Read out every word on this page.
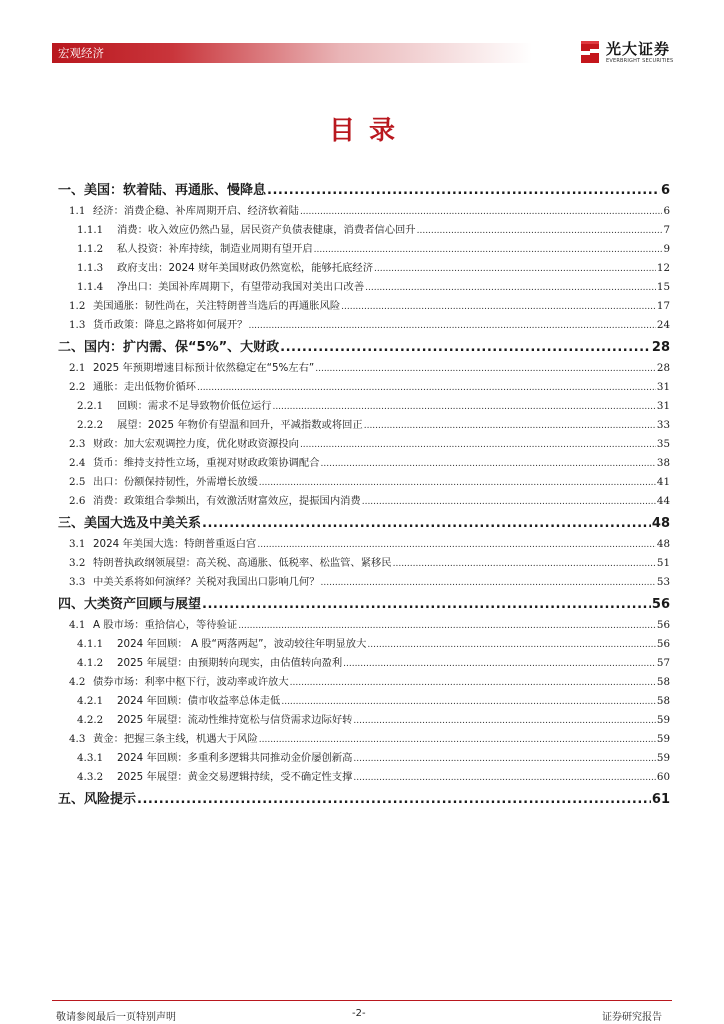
宏观经济	光大证券
EVERBRIGHT SECURITIES
目录
一、美国：软着陆、再通胀、慢降息 .....	6
1.1 经济：消费企稳、补库周期开启、经济软着陆 .....	6
1.1.1	消费：收入效应仍然凸显，居民资产负债表健康，消费者信心回升 .....	7
1.1.2	私人投资：补库持续，制造业周期有望开启 .....	9
1.1.3	政府支出：2024 财年美国财政仍然宽松，能够托底经济 .....	12
1.1.4	净出口：美国补库周期下，有望带动我国对美出口改善 .....	15
1.2 美国通胀：韧性尚在，关注特朗普当选后的再通胀风险 .....	17
1.3 货币政策：降息之路将如何展开？ .....	24
二、国内：扩内需、保“5%”、大财政 .....	28
2.1 2025 年预期增速目标预计依然稳定在“5%左右” .....	28
2.2 通胀：走出低物价循环 .....	31
2.2.1	回顾：需求不足导致物价低位运行 .....	31
2.2.2	展望：2025 年物价有望温和回升，平减指数或将回正 .....	33
2.3 财政：加大宏观调控力度，优化财政资源投向 .....	35
2.4 货币：维持支持性立场，重视对财政政策协调配合 .....	38
2.5 出口：份额保持韧性，外需增长放缓 .....	41
2.6 消费：政策组合拳频出，有效激活财富效应，提振国内消费 .....	44
三、美国大选及中美关系 .....	48
3.1 2024 年美国大选：特朗普重返白宫 .....	48
3.2 特朗普执政纲领展望：高关税、高通胀、低税率、松监管、紧移民 .....	51
3.3 中美关系将如何演绎？关税对我国出口影响几何？ .....	53
四、大类资产回顾与展望 .....	56
4.1 A 股市场：重拾信心，等待验证 .....	56
4.1.1	2024 年回顾： A 股“两落两起”，波动较往年明显放大 .....	56
4.1.2	2025 年展望：由预期转向现实，由估值转向盈利 .....	57
4.2 债券市场：利率中枢下行，波动率或许放大 .....	58
4.2.1	2024 年回顾：债市收益率总体走低 .....	58
4.2.2	2025 年展望：流动性维持宽松与信贷需求边际好转 .....	59
4.3 黄金：把握三条主线，机遇大于风险 .....	59
4.3.1	2024 年回顾：多重利多逻辑共同推动金价屡创新高 .....	59
4.3.2	2025 年展望：黄金交易逻辑持续，受不确定性支撑 .....	60
五、风险提示 .....	61
敬请参阅最后一页特别声明	-2-	证券研究报告
